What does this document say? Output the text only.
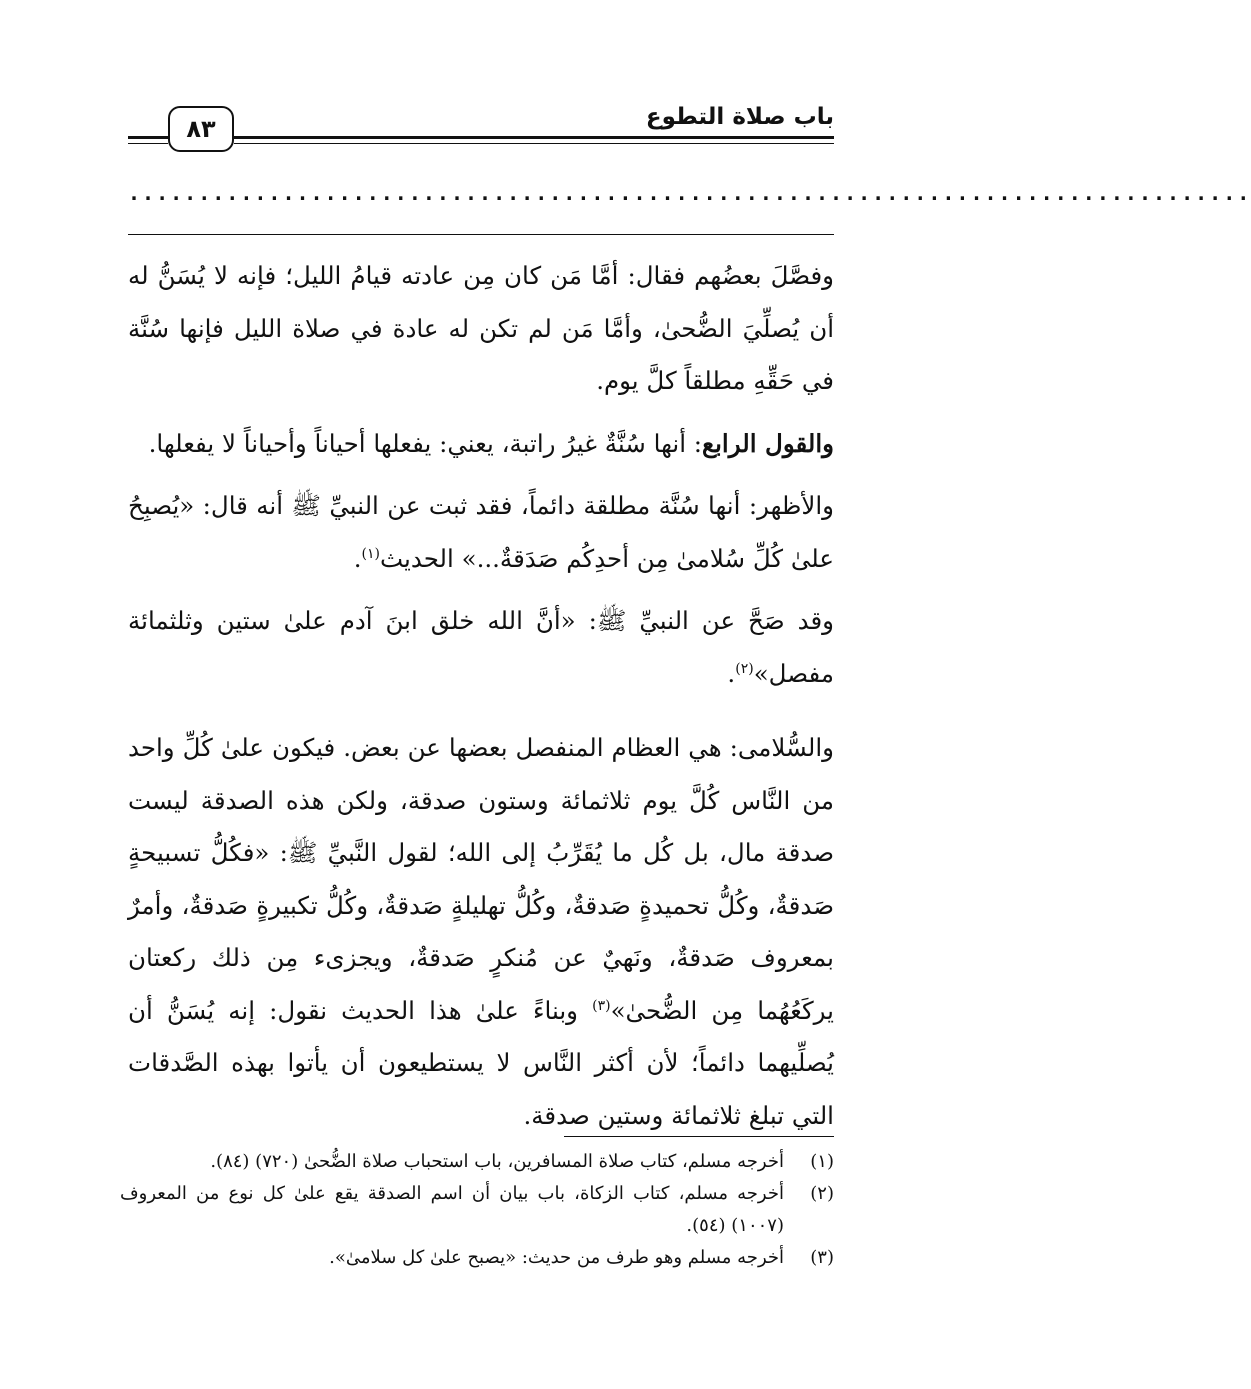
باب صلاة التطوع
٨٣
................................................................................

وفصَّلَ بعضُهم فقال: أمَّا مَن كان مِن عادته قيامُ الليل؛ فإنه لا يُسَنُّ له أن يُصلِّيَ الضُّحىٰ، وأمَّا مَن لم تكن له عادة في صلاة الليل فإنها سُنَّة في حَقِّهِ مطلقاً كلَّ يوم.

والقول الرابع: أنها سُنَّةٌ غيرُ راتبة، يعني: يفعلها أحياناً وأحياناً لا يفعلها.

والأظهر: أنها سُنَّة مطلقة دائماً، فقد ثبت عن النبيِّ ﷺ أنه قال: «يُصبِحُ علىٰ كُلِّ سُلامىٰ مِن أحدِكُم صَدَقةٌ...» الحديث$^{(١)}$.

وقد صَحَّ عن النبيِّ ﷺ: «أنَّ الله خلق ابنَ آدم علىٰ ستين وثلثمائة مفصل»$^{(٢)}$.

والسُّلامى: هي العظام المنفصل بعضها عن بعض. فيكون علىٰ كُلِّ واحد من النَّاس كُلَّ يوم ثلاثمائة وستون صدقة، ولكن هذه الصدقة ليست صدقة مال، بل كُل ما يُقَرِّبُ إلى الله؛ لقول النَّبيِّ ﷺ: «فكُلُّ تسبيحةٍ صَدقةٌ، وكُلُّ تحميدةٍ صَدقةٌ، وكُلُّ تهليلةٍ صَدقةٌ، وكُلُّ تكبيرةٍ صَدقةٌ، وأمرٌ بمعروف صَدقةٌ، ونَهيٌ عن مُنكرٍ صَدقةٌ، ويجزىء مِن ذلك ركعتان يركَعُهُما مِن الضُّحىٰ»$^{(٣)}$ وبناءً علىٰ هذا الحديث نقول: إنه يُسَنُّ أن يُصلِّيهما دائماً؛ لأن أكثر النَّاس لا يستطيعون أن يأتوا بهذه الصَّدقات التي تبلغ ثلاثمائة وستين صدقة.

(١)
أخرجه مسلم، كتاب صلاة المسافرين، باب استحباب صلاة الضُّحىٰ (٧٢٠) (٨٤).
(٢)
أخرجه مسلم، كتاب الزكاة، باب بيان أن اسم الصدقة يقع علىٰ كل نوع من المعروف (١٠٠٧) (٥٤).
(٣)
أخرجه مسلم وهو طرف من حديث: «يصبح علىٰ كل سلامىٰ».
